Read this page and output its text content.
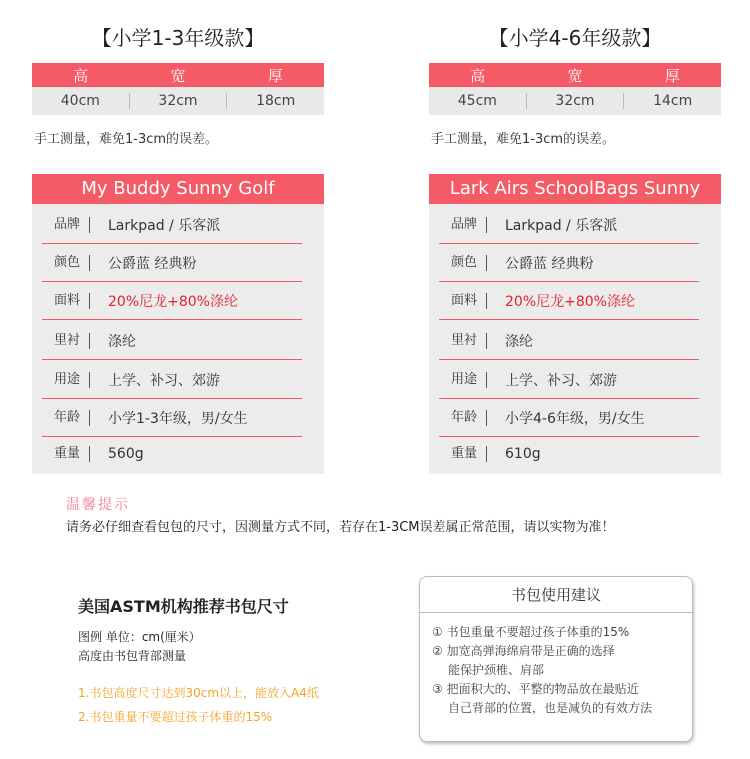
【小学1-3年级款】
高	宽	厚
40cm	32cm	18cm
手工测量，难免1-3cm的误差。
【小学4-6年级款】
高	宽	厚
45cm	32cm	14cm
手工测量，难免1-3cm的误差。
My Buddy Sunny Golf
品牌	Larkpad / 乐客派
颜色	公爵蓝 经典粉
面料	20%尼龙+80%涤纶
里衬	涤纶
用途	上学、补习、郊游
年龄	小学1-3年级，男/女生
重量	560g
Lark Airs SchoolBags Sunny
品牌	Larkpad / 乐客派
颜色	公爵蓝 经典粉
面料	20%尼龙+80%涤纶
里衬	涤纶
用途	上学、补习、郊游
年龄	小学4-6年级，男/女生
重量	610g
温馨提示
请务必仔细查看包包的尺寸，因测量方式不同，若存在1-3CM误差属正常范围，请以实物为准！
美国ASTM机构推荐书包尺寸
图例 单位：cm(厘米）
高度由书包背部测量
1.书包高度尺寸达到30cm以上，能放入A4纸
2.书包重量不要超过孩子体重的15%
书包使用建议
① 书包重量不要超过孩子体重的15%
② 加宽高弹海绵肩带是正确的选择
能保护颈椎、肩部
③ 把面积大的、平整的物品放在最贴近
自己背部的位置，也是减负的有效方法
